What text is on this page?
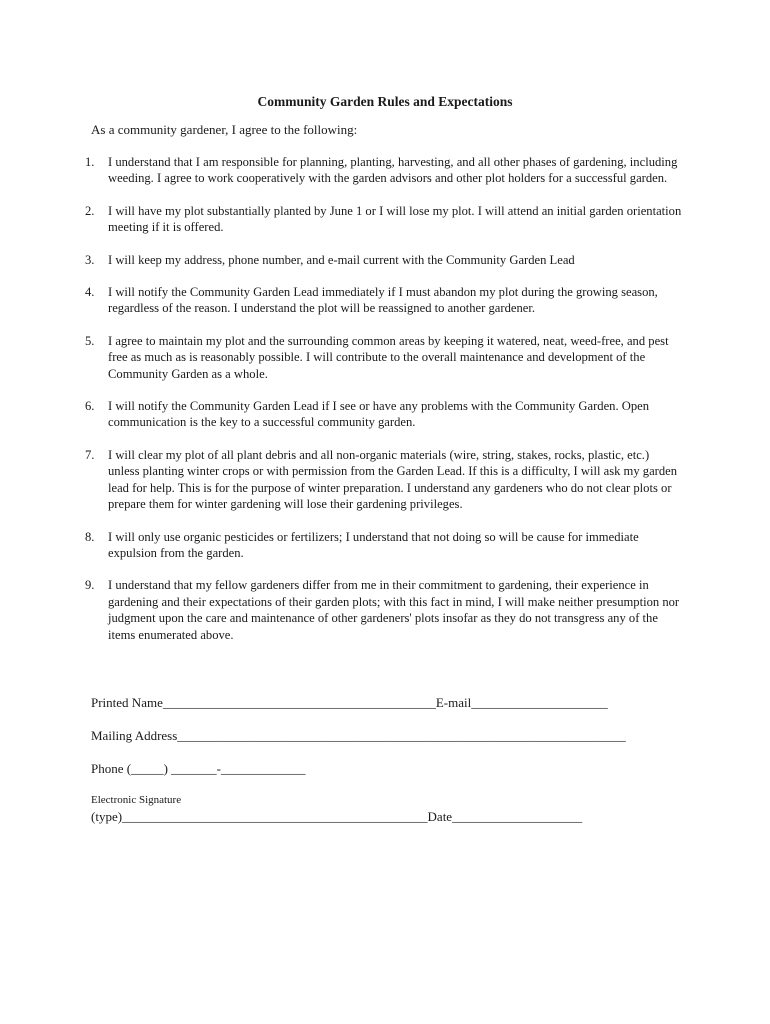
Community Garden Rules and Expectations
As a community gardener, I agree to the following:
1. I understand that I am responsible for planning, planting, harvesting, and all other phases of gardening, including weeding. I agree to work cooperatively with the garden advisors and other plot holders for a successful garden.
2. I will have my plot substantially planted by June 1 or I will lose my plot. I will attend an initial garden orientation meeting if it is offered.
3. I will keep my address, phone number, and e-mail current with the Community Garden Lead
4. I will notify the Community Garden Lead immediately if I must abandon my plot during the growing season, regardless of the reason. I understand the plot will be reassigned to another gardener.
5. I agree to maintain my plot and the surrounding common areas by keeping it watered, neat, weed-free, and pest free as much as is reasonably possible. I will contribute to the overall maintenance and development of the Community Garden as a whole.
6. I will notify the Community Garden Lead if I see or have any problems with the Community Garden. Open communication is the key to a successful community garden.
7. I will clear my plot of all plant debris and all non-organic materials (wire, string, stakes, rocks, plastic, etc.) unless planting winter crops or with permission from the Garden Lead. If this is a difficulty, I will ask my garden lead for help. This is for the purpose of winter preparation. I understand any gardeners who do not clear plots or prepare them for winter gardening will lose their gardening privileges.
8. I will only use organic pesticides or fertilizers; I understand that not doing so will be cause for immediate expulsion from the garden.
9. I understand that my fellow gardeners differ from me in their commitment to gardening, their experience in gardening and their expectations of their garden plots; with this fact in mind, I will make neither presumption nor judgment upon the care and maintenance of other gardeners' plots insofar as they do not transgress any of the items enumerated above.
Printed Name__________________________________________E-mail_____________________
Mailing Address_____________________________________________________________________
Phone (_____) _______-_____________
Electronic Signature
(type)_______________________________________________Date____________________
